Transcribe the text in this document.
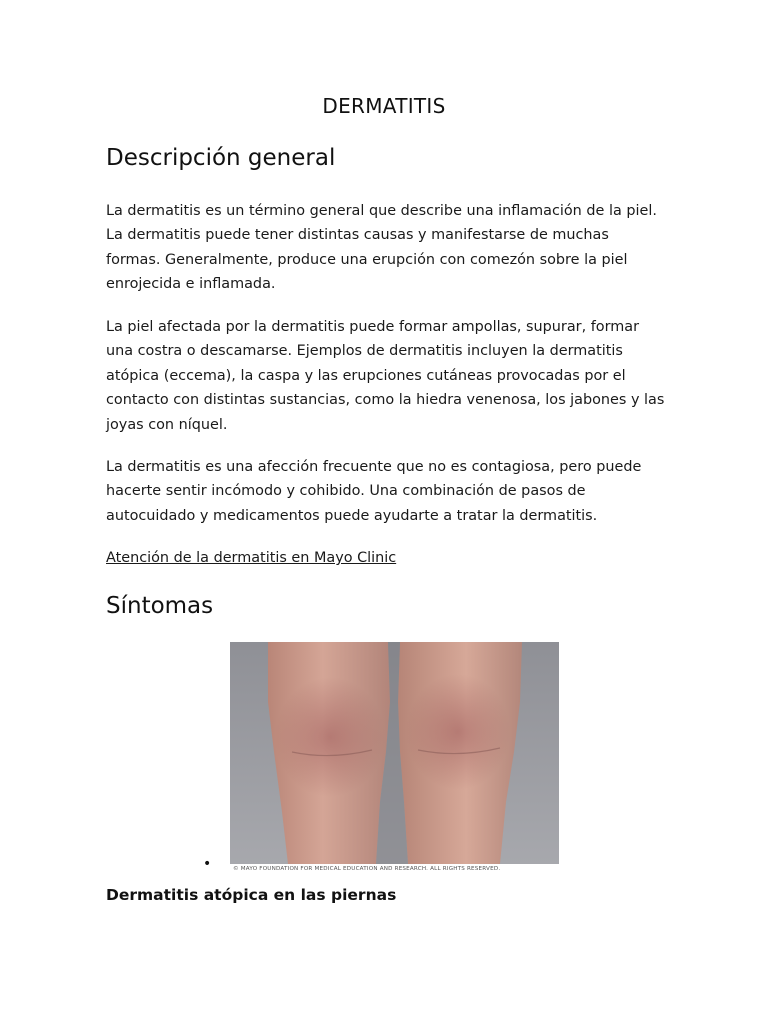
DERMATITIS
Descripción general

La dermatitis es un término general que describe una inflamación de la piel. La dermatitis puede tener distintas causas y manifestarse de muchas formas. Generalmente, produce una erupción con comezón sobre la piel enrojecida e inflamada.

La piel afectada por la dermatitis puede formar ampollas, supurar, formar una costra o descamarse. Ejemplos de dermatitis incluyen la dermatitis atópica (eccema), la caspa y las erupciones cutáneas provocadas por el contacto con distintas sustancias, como la hiedra venenosa, los jabones y las joyas con níquel.

La dermatitis es una afección frecuente que no es contagiosa, pero puede hacerte sentir incómodo y cohibido. Una combinación de pasos de autocuidado y medicamentos puede ayudarte a tratar la dermatitis.

Atención de la dermatitis en Mayo Clinic
Síntomas
•	© MAYO FOUNDATION FOR MEDICAL EDUCATION AND RESEARCH. ALL RIGHTS RESERVED.

Dermatitis atópica en las piernas
